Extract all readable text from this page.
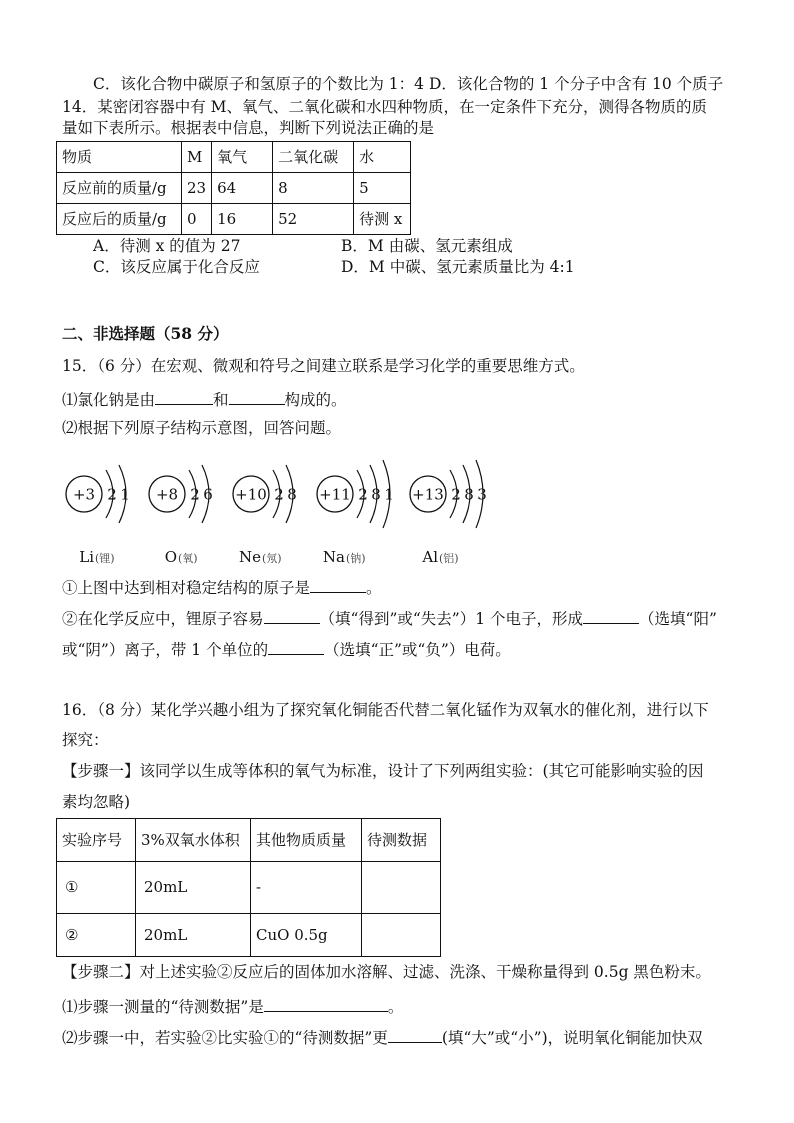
C．该化合物中碳原子和氢原子的个数比为 1：4 D．该化合物的 1 个分子中含有 10 个质子
14．某密闭容器中有 M、氧气、二氧化碳和水四种物质，在一定条件下充分，测得各物质的质
量如下表所示。根据表中信息，判断下列说法正确的是
物质	M	氧气	二氧化碳	水
反应前的质量/g	23	64	8	5
反应后的质量/g	0	16	52	待测 x
A．待测 x 的值为 27	B．M 由碳、氢元素组成
C．该反应属于化合反应	D．M 中碳、氢元素质量比为 4:1
二、非选择题（58 分）
15．（6 分）在宏观、微观和符号之间建立联系是学习化学的重要思维方式。
⑴氯化钠是由	和	构成的。
⑵根据下列原子结构示意图，回答问题。
+3 2 1
Li (锂)
+8 2 6
O (氧)
+10 2 8
Ne (氖)
+11 2 8 1
Na (钠)
+13 2 8 3
Al (铝)
①上图中达到相对稳定结构的原子是	。
②在化学反应中，锂原子容易	（填“得到”或“失去”）1 个电子，形成	（选填“阳”
或“阴”）离子，带 1 个单位的	（选填“正”或“负”）电荷。
16．（8 分）某化学兴趣小组为了探究氧化铜能否代替二氧化锰作为双氧水的催化剂，进行以下
探究：
【步骤一】该同学以生成等体积的氧气为标准，设计了下列两组实验：(其它可能影响实验的因
素均忽略)
实验序号	3%双氧水体积	其他物质质量	待测数据
①	20mL	-	
②	20mL	CuO 0.5g	
【步骤二】对上述实验②反应后的固体加水溶解、过滤、洗涤、干燥称量得到 0.5g 黑色粉末。
⑴步骤一测量的“待测数据”是	。
⑵步骤一中，若实验②比实验①的“待测数据”更	(填“大”或“小”)，说明氧化铜能加快双
